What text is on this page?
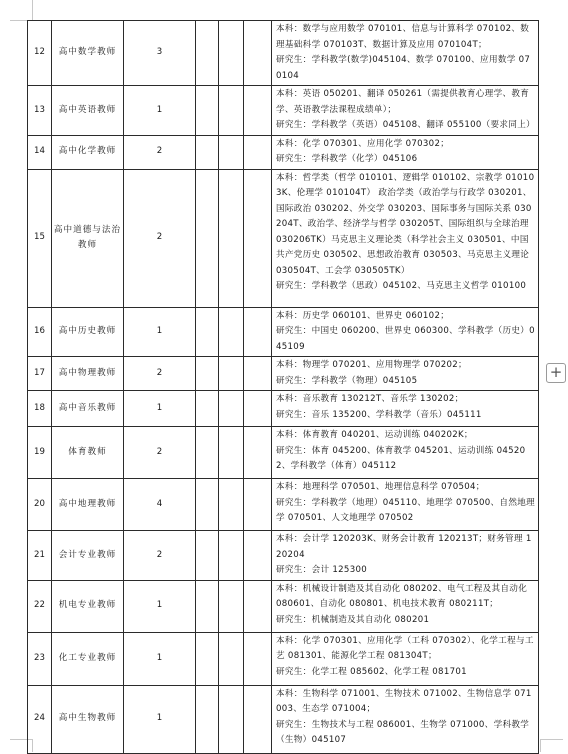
12	高中数学教师	3				本科：数学与应用数学 070101、信息与计算科学 070102、数理基础科学 070103T、数据计算及应用 070104T；
研究生：学科教学(数学)045104、数学 070100、应用数学 070104

13	高中英语教师	1				本科：英语 050201、翻译 050261（需提供教育心理学、教育学、英语教学法课程成绩单）；
研究生：学科教学（英语）045108、翻译 055100（要求同上）

14	高中化学教师	2				本科：化学 070301、应用化学 070302；
研究生：学科教学（化学）045106

15	高中道德与法治教师	2				本科：哲学类（哲学 010101、逻辑学 010102、宗教学 010103K、伦理学 010104T） 政治学类（政治学与行政学 030201、国际政治 030202、外交学 030203、国际事务与国际关系 030204T、政治学、经济学与哲学 030205T、国际组织与全球治理 030206TK）马克思主义理论类（科学社会主义 030501、中国共产党历史 030502、思想政治教育 030503、马克思主义理论 030504T、工会学 030505TK）
研究生：学科教学（思政）045102、马克思主义哲学 010100

16	高中历史教师	1				本科：历史学 060101、世界史 060102；
研究生：中国史 060200、世界史 060300、学科教学（历史）045109

17	高中物理教师	2				本科：物理学 070201、应用物理学 070202；
研究生：学科教学（物理）045105

18	高中音乐教师	1				本科：音乐教育 130212T、音乐学 130202；
研究生：音乐 135200、学科教学（音乐）045111

19	体育教师	2				本科：体育教育 040201、运动训练 040202K；
研究生：体育 045200、体育教学 045201、运动训练 045202、学科教学（体育）045112

20	高中地理教师	4				本科：地理科学 070501、地理信息科学 070504；
研究生：学科教学（地理）045110、地理学 070500、自然地理学 070501、人文地理学 070502

21	会计专业教师	2				本科：会计学 120203K、财务会计教育 120213T；财务管理 120204
研究生：会计 125300

22	机电专业教师	1				本科：机械设计制造及其自动化 080202、电气工程及其自动化 080601、自动化 080801、机电技术教育 080211T；
研究生：机械制造及其自动化 080201

23	化工专业教师	1				本科：化学 070301、应用化学（工科 070302）、化学工程与工艺 081301、能源化学工程 081304T；
研究生：化学工程 085602、化学工程 081701

24	高中生物教师	1				本科：生物科学 071001、生物技术 071002、生物信息学 071003、生态学 071004；
研究生：生物技术与工程 086001、生物学 071000、学科教学（生物）045107
+
